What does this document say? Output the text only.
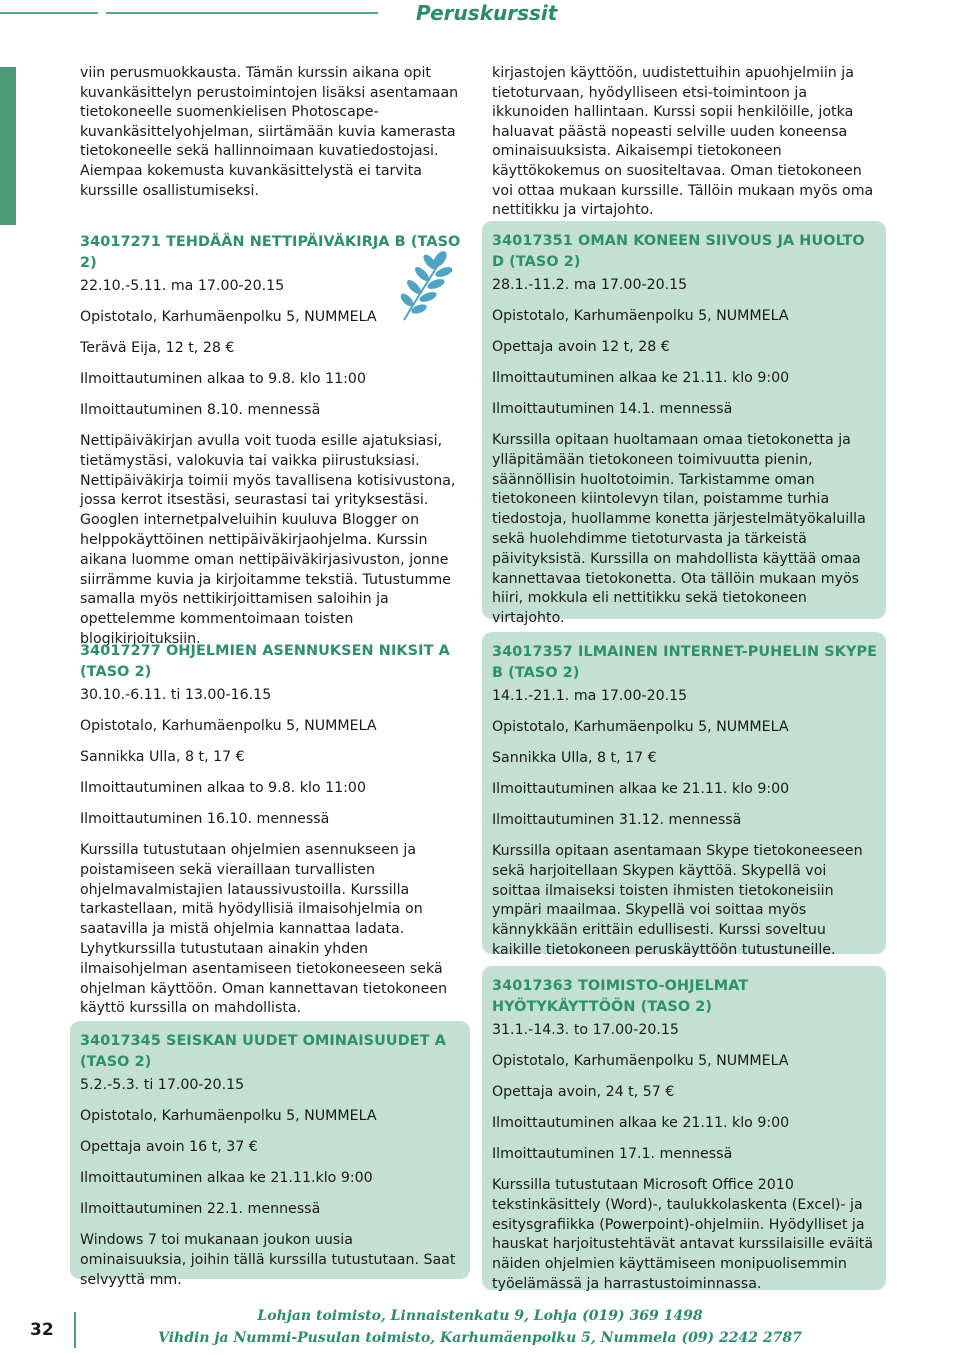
Peruskurssit
viin perusmuokkausta. Tämän kurssin aikana opit kuvankäsittelyn perustoimintojen lisäksi asentamaan tietokoneelle suomenkielisen Photoscape-kuvankäsittelyohjelman, siirtämään kuvia kamerasta tietokoneelle sekä hallinnoimaan kuvatiedostojasi. Aiempaa kokemusta kuvankäsittelystä ei tarvita kurssille osallistumiseksi.
kirjastojen käyttöön, uudistettuihin apuohjelmiin ja tietoturvaan, hyödylliseen etsi-toimintoon ja ikkunoiden hallintaan. Kurssi sopii henkilöille, jotka haluavat päästä nopeasti selville uuden koneensa ominaisuuksista. Aikaisempi tietokoneen käyttökokemus on suositeltavaa. Oman tietokoneen voi ottaa mukaan kurssille. Tällöin mukaan myös oma nettitikku ja virtajohto.
34017271 TEHDÄÄN NETTIPÄIVÄKIRJA B (TASO 2)
22.10.-5.11. ma 17.00-20.15
Opistotalo, Karhumäenpolku 5, NUMMELA
Terävä Eija, 12 t, 28 €
Ilmoittautuminen alkaa to 9.8. klo 11:00
Ilmoittautuminen 8.10. mennessä
Nettipäiväkirjan avulla voit tuoda esille ajatuksiasi, tietämystäsi, valokuvia tai vaikka piirustuksiasi. Nettipäiväkirja toimii myös tavallisena kotisivustona, jossa kerrot itsestäsi, seurastasi tai yrityksestäsi. Googlen internetpalveluihin kuuluva Blogger on helppokäyttöinen nettipäiväkirjaohjelma. Kurssin aikana luomme oman nettipäiväkirjasivuston, jonne siirrämme kuvia ja kirjoitamme tekstiä. Tutustumme samalla myös nettikirjoittamisen saloihin ja opettelemme kommentoimaan toisten blogikirjoituksiin.
34017277 OHJELMIEN ASENNUKSEN NIKSIT A (TASO 2)
30.10.-6.11. ti 13.00-16.15
Opistotalo, Karhumäenpolku 5, NUMMELA
Sannikka Ulla, 8 t, 17 €
Ilmoittautuminen alkaa to 9.8. klo 11:00
Ilmoittautuminen 16.10. mennessä
Kurssilla tutustutaan ohjelmien asennukseen ja poistamiseen sekä vieraillaan turvallisten ohjelmavalmistajien lataussivustoilla. Kurssilla tarkastellaan, mitä hyödyllisiä ilmaisohjelmia on saatavilla ja mistä ohjelmia kannattaa ladata. Lyhytkurssilla tutustutaan ainakin yhden ilmaisohjelman asentamiseen tietokoneeseen sekä ohjelman käyttöön. Oman kannettavan tietokoneen käyttö kurssilla on mahdollista.
34017345 SEISKAN UUDET OMINAISUUDET A (TASO 2)
5.2.-5.3. ti 17.00-20.15
Opistotalo, Karhumäenpolku 5, NUMMELA
Opettaja avoin 16 t, 37 €
Ilmoittautuminen alkaa ke 21.11.klo 9:00
Ilmoittautuminen 22.1. mennessä
Windows 7 toi mukanaan joukon uusia ominaisuuksia, joihin tällä kurssilla tutustutaan. Saat selvyyttä mm.
34017351 OMAN KONEEN SIIVOUS JA HUOLTO D (TASO 2)
28.1.-11.2. ma 17.00-20.15
Opistotalo, Karhumäenpolku 5, NUMMELA
Opettaja avoin 12 t, 28 €
Ilmoittautuminen alkaa ke 21.11. klo 9:00
Ilmoittautuminen 14.1. mennessä
Kurssilla opitaan huoltamaan omaa tietokonetta ja ylläpitämään tietokoneen toimivuutta pienin, säännöllisin huoltotoimin. Tarkistamme oman tietokoneen kiintolevyn tilan, poistamme turhia tiedostoja, huollamme konetta järjestelmätyökaluilla sekä huolehdimme tietoturvasta ja tärkeistä päivityksistä. Kurssilla on mahdollista käyttää omaa kannettavaa tietokonetta. Ota tällöin mukaan myös hiiri, mokkula eli nettitikku sekä tietokoneen virtajohto.
34017357 ILMAINEN INTERNET-PUHELIN SKYPE B (TASO 2)
14.1.-21.1. ma 17.00-20.15
Opistotalo, Karhumäenpolku 5, NUMMELA
Sannikka Ulla, 8 t, 17 €
Ilmoittautuminen alkaa ke 21.11. klo 9:00
Ilmoittautuminen 31.12. mennessä
Kurssilla opitaan asentamaan Skype tietokoneeseen sekä harjoitellaan Skypen käyttöä. Skypellä voi soittaa ilmaiseksi toisten ihmisten tietokoneisiin ympäri maailmaa. Skypellä voi soittaa myös kännykkään erittäin edullisesti. Kurssi soveltuu kaikille tietokoneen peruskäyttöön tutustuneille.
34017363 TOIMISTO-OHJELMAT HYÖTYKÄYTTÖÖN (TASO 2)
31.1.-14.3. to 17.00-20.15
Opistotalo, Karhumäenpolku 5, NUMMELA
Opettaja avoin, 24 t, 57 €
Ilmoittautuminen alkaa ke 21.11. klo 9:00
Ilmoittautuminen 17.1. mennessä
Kurssilla tutustutaan Microsoft Office 2010 tekstinkäsittely (Word)-, taulukkolaskenta (Excel)- ja esitysgrafiikka (Powerpoint)-ohjelmiin. Hyödylliset ja hauskat harjoitustehtävät antavat kurssilaisille eväitä näiden ohjelmien käyttämiseen monipuolisemmin työelämässä ja harrastustoiminnassa.
32
Lohjan toimisto, Linnaistenkatu 9, Lohja (019) 369 1498
Vihdin ja Nummi-Pusulan toimisto, Karhumäenpolku 5, Nummela (09) 2242 2787
